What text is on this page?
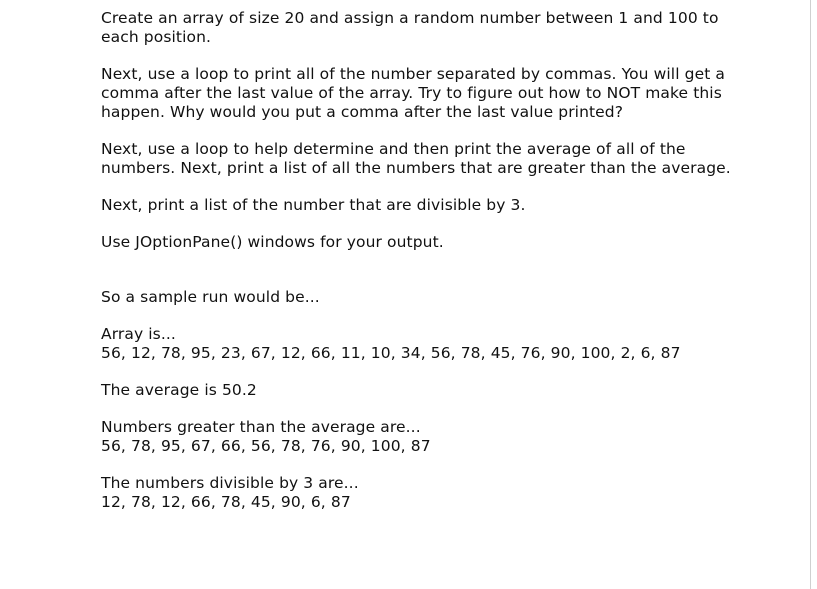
Create an array of size 20 and assign a random number between 1 and 100 to
each position.

Next, use a loop to print all of the number separated by commas. You will get a
comma after the last value of the array. Try to figure out how to NOT make this
happen. Why would you put a comma after the last value printed?

Next, use a loop to help determine and then print the average of all of the
numbers. Next, print a list of all the numbers that are greater than the average.

Next, print a list of the number that are divisible by 3.

Use JOptionPane() windows for your output.

So a sample run would be...

Array is...
56, 12, 78, 95, 23, 67, 12, 66, 11, 10, 34, 56, 78, 45, 76, 90, 100, 2, 6, 87

The average is 50.2

Numbers greater than the average are...
56, 78, 95, 67, 66, 56, 78, 76, 90, 100, 87

The numbers divisible by 3 are...
12, 78, 12, 66, 78, 45, 90, 6, 87
